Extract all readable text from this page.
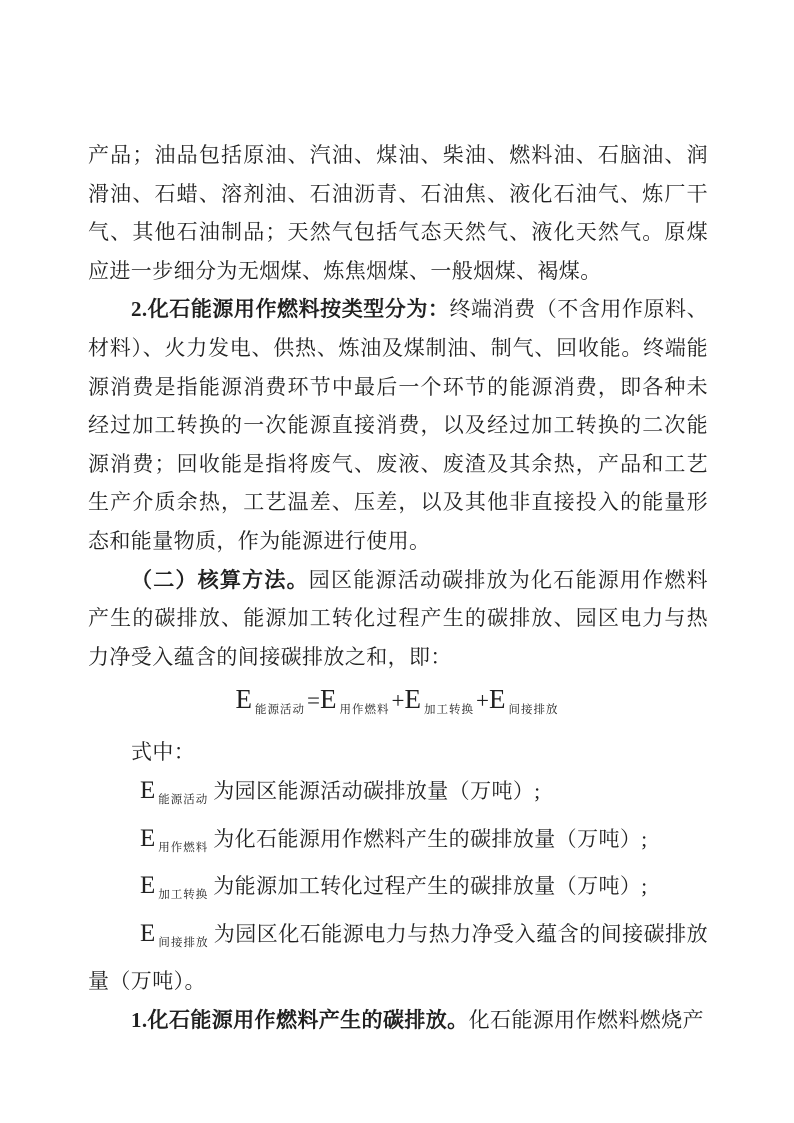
产品；油品包括原油、汽油、煤油、柴油、燃料油、石脑油、润滑油、石蜡、溶剂油、石油沥青、石油焦、液化石油气、炼厂干气、其他石油制品；天然气包括气态天然气、液化天然气。原煤应进一步细分为无烟煤、炼焦烟煤、一般烟煤、褐煤。

2.化石能源用作燃料按类型分为：终端消费（不含用作原料、材料）、火力发电、供热、炼油及煤制油、制气、回收能。终端能源消费是指能源消费环节中最后一个环节的能源消费，即各种未经过加工转换的一次能源直接消费，以及经过加工转换的二次能源消费；回收能是指将废气、废液、废渣及其余热，产品和工艺生产介质余热，工艺温差、压差，以及其他非直接投入的能量形态和能量物质，作为能源进行使用。

（二）核算方法。园区能源活动碳排放为化石能源用作燃料产生的碳排放、能源加工转化过程产生的碳排放、园区电力与热力净受入蕴含的间接碳排放之和，即：

E $_{能源活动}$=E $_{用作燃料}$+E $_{加工转换}$+E $_{间接排放}$

式中：

E $_{能源活动}$ 为园区能源活动碳排放量（万吨）;

E $_{用作燃料}$ 为化石能源用作燃料产生的碳排放量（万吨）;

E $_{加工转换}$ 为能源加工转化过程产生的碳排放量（万吨）;

E $_{间接排放}$ 为园区化石能源电力与热力净受入蕴含的间接碳排放量（万吨）。

1.化石能源用作燃料产生的碳排放。化石能源用作燃料燃烧产
